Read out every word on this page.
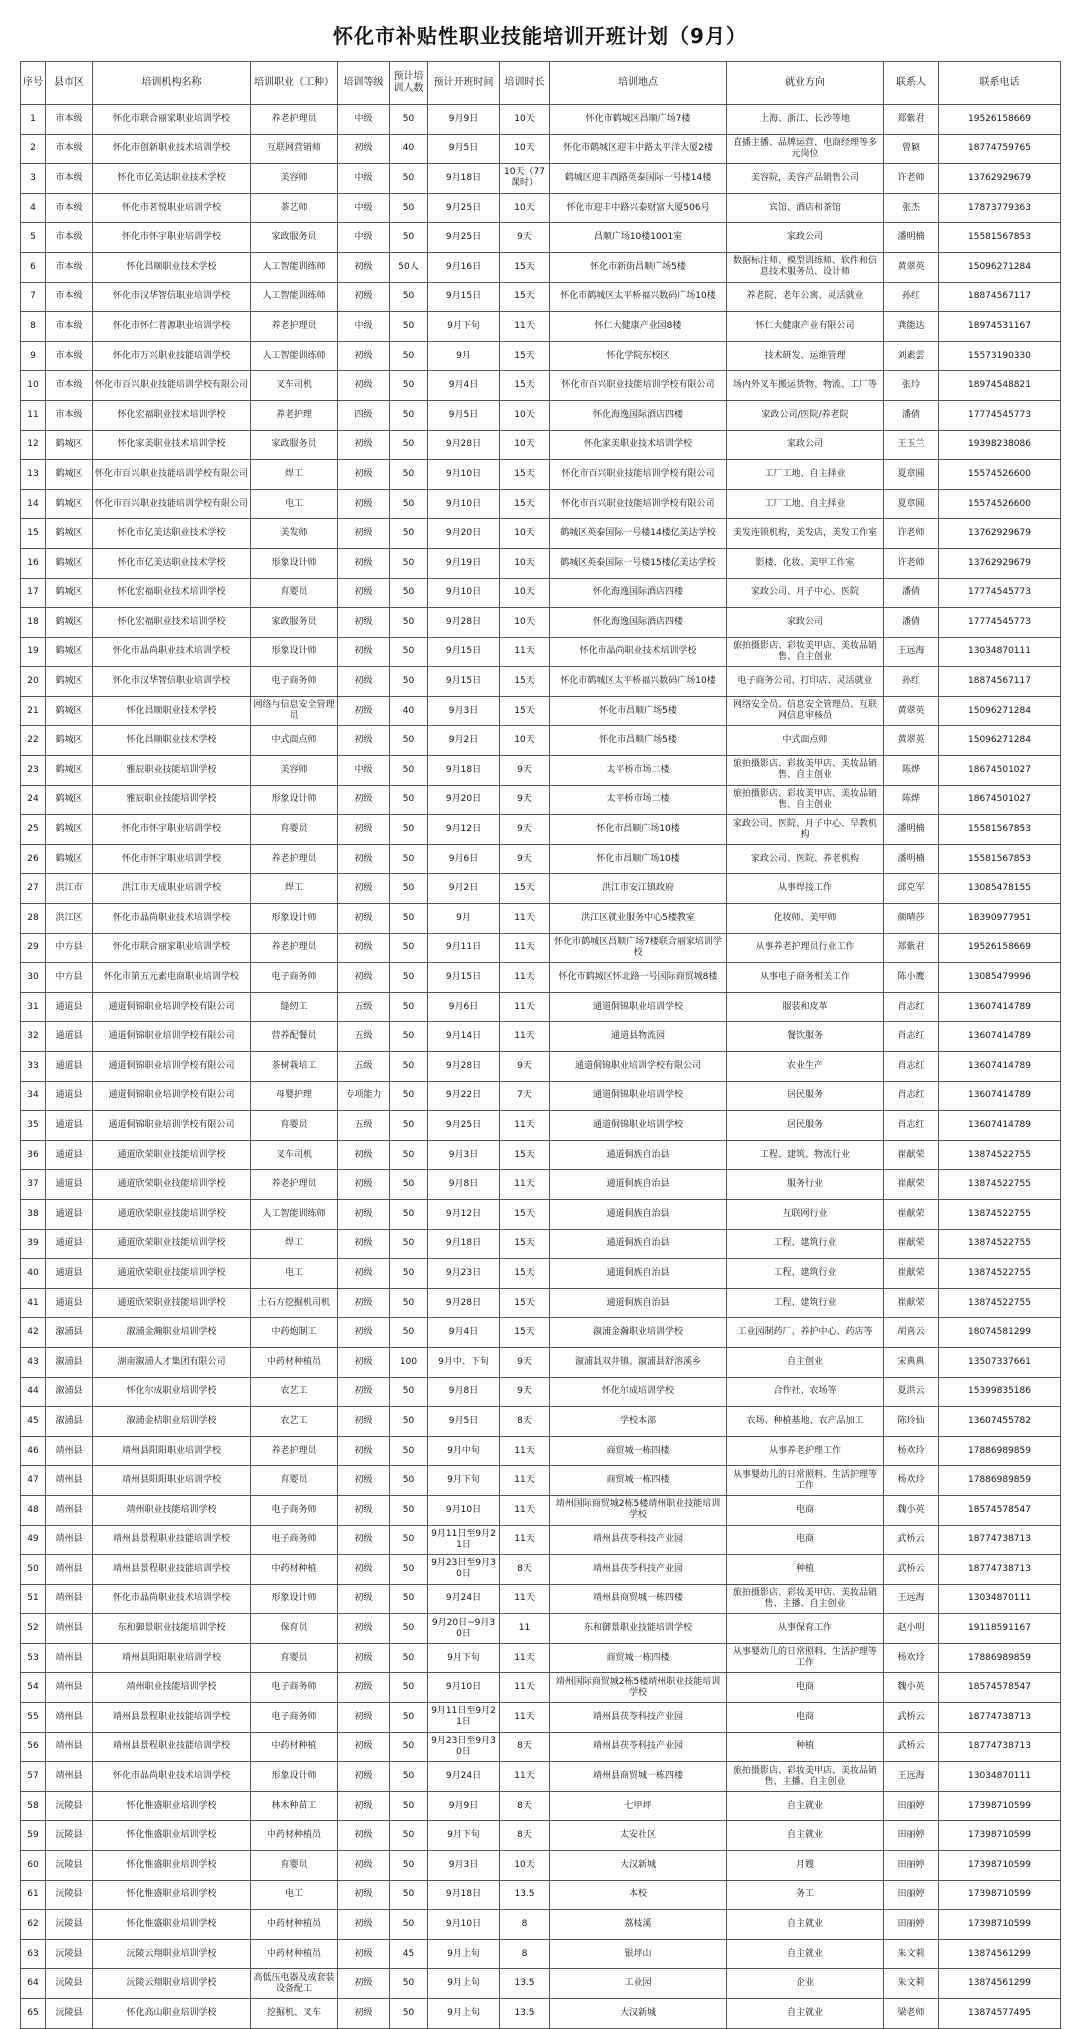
怀化市补贴性职业技能培训开班计划（9月）
序号	县市区	培训机构名称	培训职业（工种）	培训等级	预计培训人数	预计开班时间	培训时长	培训地点	就业方向	联系人	联系电话
1	市本级	怀化市联合丽家职业培训学校	养老护理员	中级	50	9月9日	10天	怀化市鹤城区昌顺广场7楼	上海、浙江、长沙等地	郑紫君	19526158669
2	市本级	怀化市创新职业技术培训学校	互联网营销师	初级	40	9月5日	10天	怀化市鹤城区迎丰中路太平洋大厦2楼	直播主播、品牌运营、电商经理等多元岗位	曾颖	18774759765
3	市本级	怀化市亿美达职业技术学校	美容师	中级	50	9月18日	10天（77课时）	鹤城区迎丰西路英泰国际一号楼14楼	美容院，美容产品销售公司	许老师	13762929679
4	市本级	怀化市茗悦职业培训学校	茶艺师	中级	50	9月25日	10天	怀化市迎丰中路兴泰财富大厦506号	宾馆、酒店和茶馆	张杰	17873779363
5	市本级	怀化市怀宇职业培训学校	家政服务员	中级	50	9月25日	9天	昌顺广场10楼1001室	家政公司	潘明楠	15581567853
6	市本级	怀化昌顺职业技术学校	人工智能训练师	初级	50人	9月16日	15天	怀化市新街昌顺广场5楼	数据标注师、模型训练师、软件和信息技术服务员、设计师	黄翠英	15096271284
7	市本级	怀化市汉华智信职业培训学校	人工智能训练师	初级	50	9月15日	15天	怀化市鹤城区太平桥福兴数码广场10楼	养老院、老年公寓、灵活就业	孙红	18874567117
8	市本级	怀化市怀仁普源职业培训学校	养老护理员	中级	50	9月下旬	11天	怀仁大健康产业园8楼	怀仁大健康产业有限公司	龚能达	18974531167
9	市本级	怀化市万兴职业技能培训学校	人工智能训练师	初级	50	9月	15天	怀化学院东校区	技术研发、运维管理	刘素雲	15573190330
10	市本级	怀化市百兴职业技能培训学校有限公司	叉车司机	初级	50	9月4日	15天	怀化市百兴职业技能培训学校有限公司	场内外叉车搬运货物、物流、工厂等	张玲	18974548821
11	市本级	怀化宏福职业技术培训学校	养老护理	四级	50	9月5日	10天	怀化海逸国际酒店四楼	家政公司/医院/养老院	潘倩	17774545773
12	鹤城区	怀化家美职业技术培训学校	家政服务员	初级	50	9月28日	10天	怀化家美职业技术培训学校	家政公司	王玉兰	19398238086
13	鹤城区	怀化市百兴职业技能培训学校有限公司	焊工	初级	50	9月10日	15天	怀化市百兴职业技能培训学校有限公司	工厂工地、自主择业	夏章圆	15574526600
14	鹤城区	怀化市百兴职业技能培训学校有限公司	电工	初级	50	9月10日	15天	怀化市百兴职业技能培训学校有限公司	工厂工地、自主择业	夏章圆	15574526600
15	鹤城区	怀化市亿美达职业技术学校	美发师	初级	50	9月20日	10天	鹤城区英泰国际一号楼14楼亿美达学校	美发连锁机构，美发店，美发工作室	许老师	13762929679
16	鹤城区	怀化市亿美达职业技术学校	形象设计师	初级	50	9月19日	10天	鹤城区英泰国际一号楼15楼亿美达学校	影楼、化妆、美甲工作室	许老师	13762929679
17	鹤城区	怀化宏福职业技术培训学校	育婴员	初级	50	9月10日	10天	怀化海逸国际酒店四楼	家政公司、月子中心、医院	潘倩	17774545773
18	鹤城区	怀化宏福职业技术培训学校	家政服务员	初级	50	9月28日	10天	怀化海逸国际酒店四楼	家政公司	潘倩	17774545773
19	鹤城区	怀化市晶尚职业技术培训学校	形象设计师	初级	50	9月15日	11天	怀化市晶尚职业技术培训学校	旅拍摄影店、彩妆美甲店、美妆品销售、自主创业	王远海	13034870111
20	鹤城区	怀化市汉华智信职业培训学校	电子商务师	初级	50	9月15日	15天	怀化市鹤城区太平桥福兴数码广场10楼	电子商务公司、打印店、灵活就业	孙红	18874567117
21	鹤城区	怀化昌顺职业技术学校	网络与信息安全管理员	初级	40	9月3日	15天	怀化市昌顺广场5楼	网络安全员、信息安全管理员、互联网信息审核员	黄翠英	15096271284
22	鹤城区	怀化昌顺职业技术学校	中式面点师	初级	50	9月2日	10天	怀化市昌顺广场5楼	中式面点师	黄翠英	15096271284
23	鹤城区	雅辰职业技能培训学校	美容师	中级	50	9月18日	9天	太平桥市场二楼	旅拍摄影店、彩妆美甲店、美妆品销售、自主创业	陈烨	18674501027
24	鹤城区	雅辰职业技能培训学校	形象设计师	初级	50	9月20日	9天	太平桥市场二楼	旅拍摄影店、彩妆美甲店、美妆品销售、自主创业	陈烨	18674501027
25	鹤城区	怀化市怀宇职业培训学校	育婴员	初级	50	9月12日	9天	怀化市昌顺广场10楼	家政公司、医院、月子中心、早教机构	潘明楠	15581567853
26	鹤城区	怀化市怀宇职业培训学校	养老护理员	初级	50	9月6日	9天	怀化市昌顺广场10楼	家政公司、医院、养老机构	潘明楠	15581567853
27	洪江市	洪江市天成职业培训学校	焊工	初级	50	9月2日	15天	洪江市安江镇政府	从事焊接工作	邱克军	13085478155
28	洪江区	怀化市晶尚职业技术培训学校	形象设计师	初级	50	9月	11天	洪江区就业服务中心5楼教室	化妆师、美甲师	颜晴莎	18390977951
29	中方县	怀化市联合丽家职业培训学校	养老护理员	初级	50	9月11日	11天	怀化市鹤城区昌顺广场7楼联合丽家培训学校	从事养老护理员行业工作	郑紫君	19526158669
30	中方县	怀化市第五元素电商职业培训学校	电子商务师	初级	50	9月15日	11天	怀化市鹤城区怀北路一号国际商贸城8楼	从事电子商务相关工作	陈小鹰	13085479996
31	通道县	通道侗锦职业培训学校有限公司	缝纫工	五级	50	9月6日	11天	通道侗锦职业培训学校	服装和皮革	肖志红	13607414789
32	通道县	通道侗锦职业培训学校有限公司	营养配餐员	五级	50	9月14日	11天	通道县物流园	餐饮服务	肖志红	13607414789
33	通道县	通道侗锦职业培训学校有限公司	茶树栽培工	五级	50	9月28日	9天	通道侗锦职业培训学校有限公司	农业生产	肖志红	13607414789
34	通道县	通道侗锦职业培训学校有限公司	母婴护理	专项能力	50	9月22日	7天	通道侗锦职业培训学校	居民服务	肖志红	13607414789
35	通道县	通道侗锦职业培训学校有限公司	育婴员	五级	50	9月25日	11天	通道侗锦职业培训学校	居民服务	肖志红	13607414789
36	通道县	通道欣荣职业技能培训学校	叉车司机	初级	50	9月3日	15天	通道侗族自治县	工程、建筑、物流行业	崔献荣	13874522755
37	通道县	通道欣荣职业技能培训学校	养老护理员	初级	50	9月8日	11天	通道侗族自治县	服务行业	崔献荣	13874522755
38	通道县	通道欣荣职业技能培训学校	人工智能训练师	初级	50	9月12日	15天	通道侗族自治县	互联网行业	崔献荣	13874522755
39	通道县	通道欣荣职业技能培训学校	焊工	初级	50	9月18日	15天	通道侗族自治县	工程、建筑行业	崔献荣	13874522755
40	通道县	通道欣荣职业技能培训学校	电工	初级	50	9月23日	15天	通道侗族自治县	工程、建筑行业	崔献荣	13874522755
41	通道县	通道欣荣职业技能培训学校	土石方挖掘机司机	初级	50	9月28日	15天	通道侗族自治县	工程、建筑行业	崔献荣	13874522755
42	溆浦县	溆浦金瀚职业培训学校	中药炮制工	初级	50	9月4日	15天	溆浦金瀚职业培训学校	工业园制药厂、养护中心、药店等	胡喜云	18074581299
43	溆浦县	湖南溆浦人才集团有限公司	中药材种植员	初级	100	9月中、下旬	9天	溆浦县双井镇、溆浦县舒溶溪乡	自主创业	宋典典	13507337661
44	溆浦县	怀化尔成职业培训学校	农艺工	初级	50	9月8日	9天	怀化尔成培训学校	合作社、农场等	夏洪云	15399835186
45	溆浦县	溆浦金桔职业培训学校	农艺工	初级	50	9月5日	8天	学校本部	农场、种植基地、农产品加工	陈玲仙	13607455782
46	靖州县	靖州县阳阳职业培训学校	养老护理员	初级	50	9月中旬	11天	商贸城一栋四楼	从事养老护理工作	杨欢玲	17886989859
47	靖州县	靖州县阳阳职业培训学校	育婴员	初级	50	9月下旬	11天	商贸城一栋四楼	从事婴幼儿的日常照料、生活护理等工作	杨欢玲	17886989859
48	靖州县	靖州职业技能培训学校	电子商务师	初级	50	9月10日	11天	靖州国际商贸城2栋5楼靖州职业技能培训学校	电商	魏小英	18574578547
49	靖州县	靖州县景程职业技能培训学校	电子商务师	初级	50	9月11日至9月21日	11天	靖州县茯苓科技产业园	电商	武桥云	18774738713
50	靖州县	靖州县景程职业技能培训学校	中药材种植	初级	50	9月23日至9月30日	8天	靖州县茯苓科技产业园	种植	武桥云	18774738713
51	靖州县	怀化市晶尚职业技术培训学校	形象设计师	初级	50	9月24日	11天	靖州县商贸城一栋四楼	旅拍摄影店、彩妆美甲店、美妆品销售、主播、自主创业	王远海	13034870111
52	靖州县	东和御景职业技能培训学校	保育员	初级	50	9月20日~9月30日	11	东和御景职业技能培训学校	从事保育工作	赵小明	19118591167
53	靖州县	靖州县阳阳职业培训学校	育婴员	初级	50	9月下旬	11天	商贸城一栋四楼	从事婴幼儿的日常照料、生活护理等工作	杨欢玲	17886989859
54	靖州县	靖州职业技能培训学校	电子商务师	初级	50	9月10日	11天	靖州国际商贸城2栋5楼靖州职业技能培训学校	电商	魏小英	18574578547
55	靖州县	靖州县景程职业技能培训学校	电子商务师	初级	50	9月11日至9月21日	11天	靖州县茯苓科技产业园	电商	武桥云	18774738713
56	靖州县	靖州县景程职业技能培训学校	中药材种植	初级	50	9月23日至9月30日	8天	靖州县茯苓科技产业园	种植	武桥云	18774738713
57	靖州县	怀化市晶尚职业技术培训学校	形象设计师	初级	50	9月24日	11天	靖州县商贸城一栋四楼	旅拍摄影店、彩妆美甲店、美妆品销售、主播、自主创业	王远海	13034870111
58	沅陵县	怀化惟盛职业培训学校	林木种苗工	初级	50	9月9日	8天	七甲坪	自主就业	田丽婷	17398710599
59	沅陵县	怀化惟盛职业培训学校	中药材种植员	初级	50	9月下旬	8天	太安社区	自主就业	田丽婷	17398710599
60	沅陵县	怀化惟盛职业培训学校	育婴员	初级	50	9月3日	10天	大汉新城	月嫂	田丽婷	17398710599
61	沅陵县	怀化惟盛职业培训学校	电工	初级	50	9月18日	13.5	本校	务工	田丽婷	17398710599
62	沅陵县	怀化惟盛职业培训学校	中药材种植员	初级	50	9月10日	8	荔枝溪	自主就业	田丽婷	17398710599
63	沅陵县	沅陵云翔职业培训学校	中药材种植员	初级	45	9月上旬	8	银坪山	自主就业	朱文莉	13874561299
64	沅陵县	沅陵云翔职业培训学校	高低压电器及成套装设备配工	初级	50	9月上旬	13.5	工业园	企业	朱文莉	13874561299
65	沅陵县	怀化高山职业培训学校	挖掘机、叉车	初级	50	9月上旬	13.5	大汉新城	自主就业	梁老师	13874577495
